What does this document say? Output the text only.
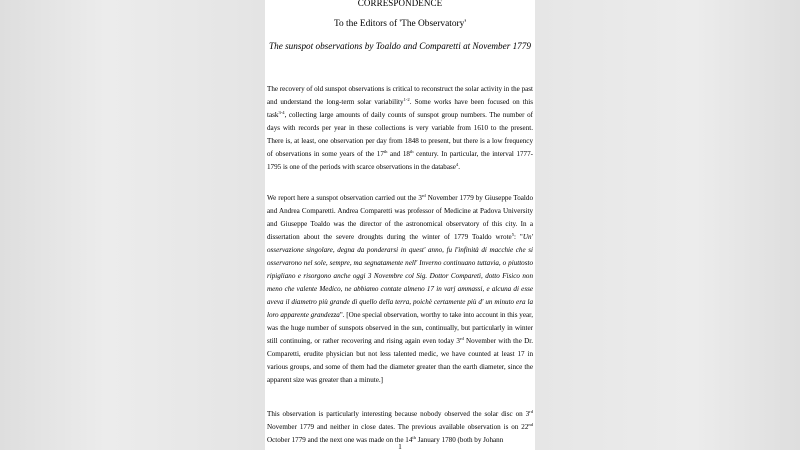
CORRESPONDENCE
To the Editors of 'The Observatory'
The sunspot observations by Toaldo and Comparetti at November 1779

The recovery of old sunspot observations is critical to reconstruct the solar activity in the past and understand the long-term solar variability$^{1-2}$. Some works have been focused on this task$^{3-4}$, collecting large amounts of daily counts of sunspot group numbers. The number of days with records per year in these collections is very variable from 1610 to the present. There is, at least, one observation per day from 1848 to present, but there is a low frequency of observations in some years of the 17th and 18th century. In particular, the interval 1777-1795 is one of the periods with scarce observations in the database$^4$.

We report here a sunspot observation carried out the 3rd November 1779 by Giuseppe Toaldo and Andrea Comparetti. Andrea Comparetti was professor of Medicine at Padova University and Giuseppe Toaldo was the director of the astronomical observatory of this city. In a dissertation about the severe droughts during the winter of 1779 Toaldo wrote$^5$: "Un' osservazione singolare, degna da ponderarsi in quest' anno, fu l'infinità di macchie che si osservarono nel sole, sempre, ma segnatamente nell' Inverno continuano tuttavia, o piuttosto ripigliano e risorgono anche oggi 3 Novembre col Sig. Dottor Comparetì, dotto Fisico non meno che valente Medico, ne abbiamo contate almeno 17 in varj ammassi, e alcuna di esse aveva il diametro più grande di quello della terra, poichè certamente più d' un minuto era la loro apparente grandezza". [One special observation, worthy to take into account in this year, was the huge number of sunspots observed in the sun, continually, but particularly in winter still continuing, or rather recovering and rising again even today 3rd November with the Dr. Comparetti, erudite physician but not less talented medic, we have counted at least 17 in various groups, and some of them had the diameter greater than the earth diameter, since the apparent size was greater than a minute.]

This observation is particularly interesting because nobody observed the solar disc on 3rd November 1779 and neither in close dates. The previous available observation is on 22nd October 1779 and the next one was made on the 14th January 1780 (both by Johann

1
